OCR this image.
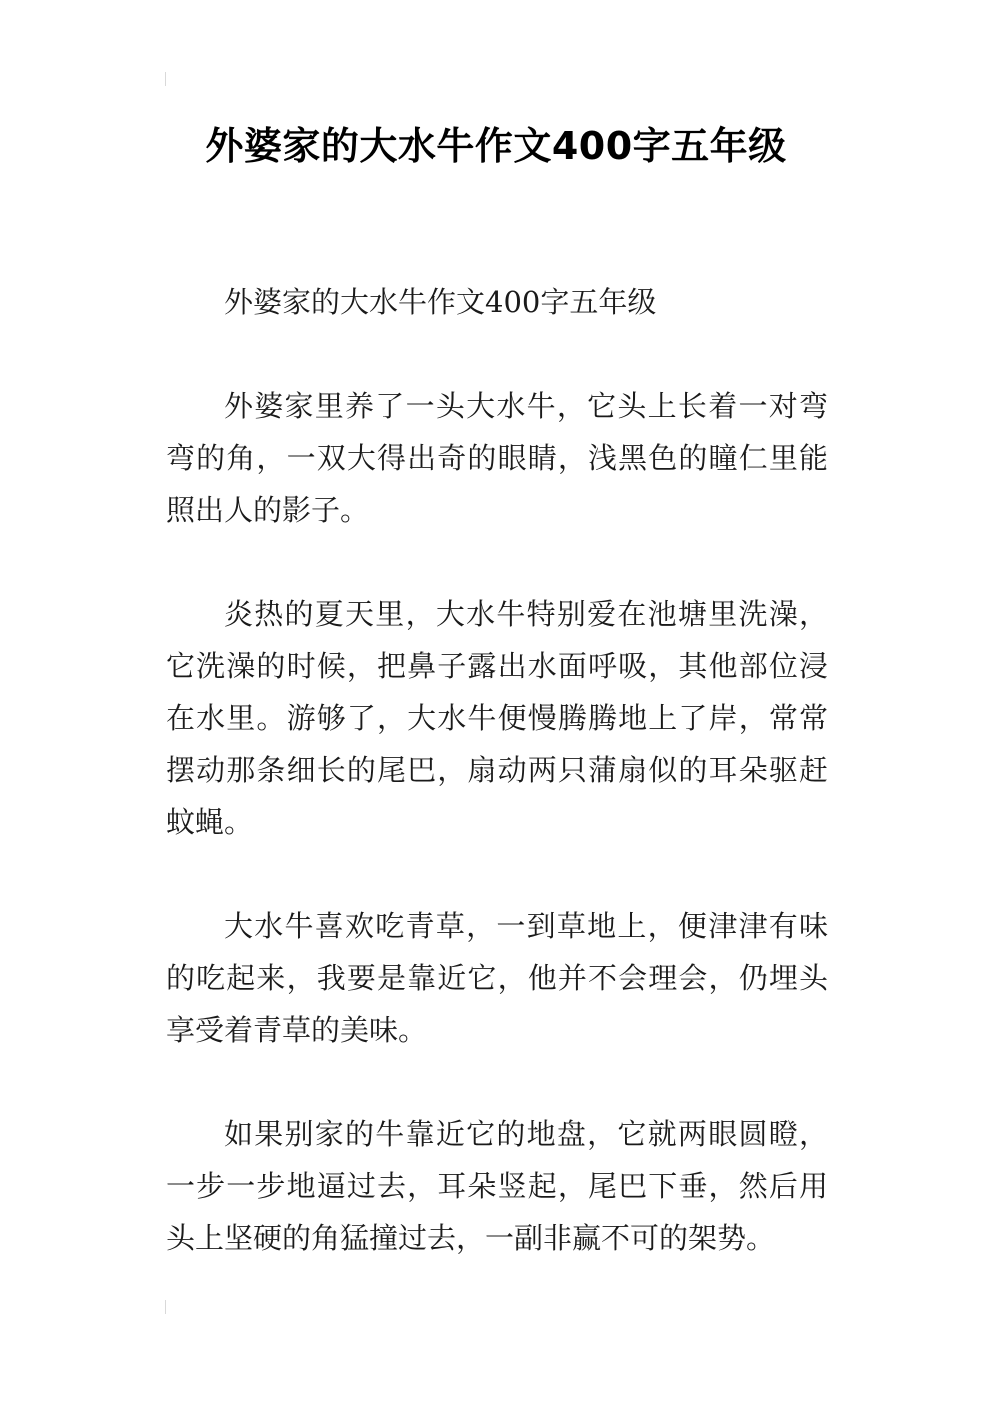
外婆家的大水牛作文400字五年级

外婆家的大水牛作文400字五年级

外婆家里养了一头大水牛，它头上长着一对弯弯的角，一双大得出奇的眼睛，浅黑色的瞳仁里能照出人的影子。

炎热的夏天里，大水牛特别爱在池塘里洗澡，它洗澡的时候，把鼻子露出水面呼吸，其他部位浸在水里。游够了，大水牛便慢腾腾地上了岸，常常摆动那条细长的尾巴，扇动两只蒲扇似的耳朵驱赶蚊蝇。

大水牛喜欢吃青草，一到草地上，便津津有味的吃起来，我要是靠近它，他并不会理会，仍埋头享受着青草的美味。

如果别家的牛靠近它的地盘，它就两眼圆瞪，一步一步地逼过去，耳朵竖起，尾巴下垂，然后用头上坚硬的角猛撞过去，一副非赢不可的架势。
